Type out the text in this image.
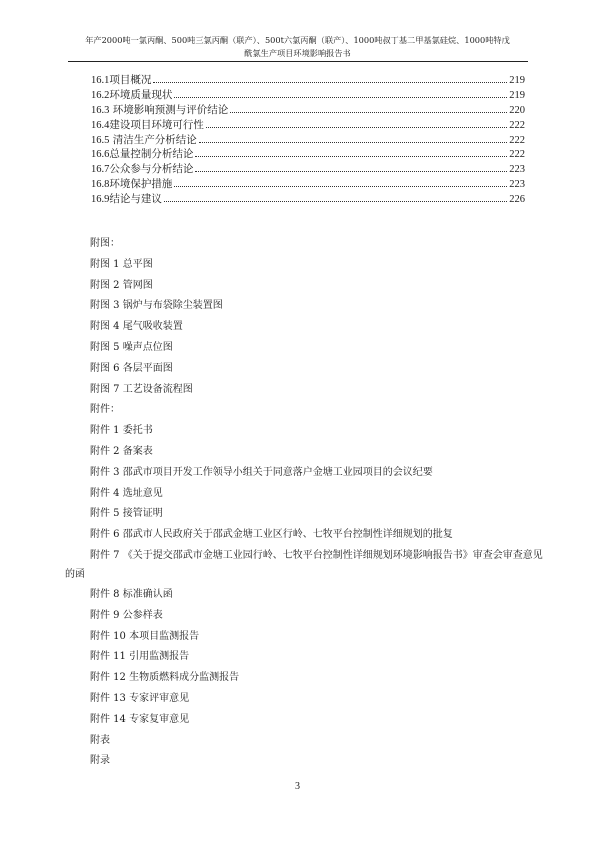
年产2000吨一氯丙酮、500吨三氯丙酮（联产）、500t六氯丙酮（联产）、1000吨叔丁基二甲基氯硅烷、1000吨特戊
酰氯生产项目环境影响报告书
16.1 项目概况	219
16.2 环境质量现状	219
16.3 环境影响预测与评价结论	220
16.4 建设项目环境可行性	222
16.5 清洁生产分析结论	222
16.6 总量控制分析结论	222
16.7 公众参与分析结论	223
16.8 环境保护措施	223
16.9 结论与建议	226
附图：
附图 1 总平图
附图 2 管网图
附图 3 锅炉与布袋除尘装置图
附图 4 尾气吸收装置
附图 5 噪声点位图
附图 6 各层平面图
附图 7 工艺设备流程图
附件：
附件 1 委托书
附件 2 备案表
附件 3 邵武市项目开发工作领导小组关于同意落户金塘工业园项目的会议纪要
附件 4 选址意见
附件 5 接管证明
附件 6 邵武市人民政府关于邵武金塘工业区行岭、七牧平台控制性详细规划的批复
附件 7 《关于提交邵武市金塘工业园行岭、七牧平台控制性详细规划环境影响报告书》审查会审查意见的函
附件 8 标准确认函
附件 9 公参样表
附件 10 本项目监测报告
附件 11 引用监测报告
附件 12 生物质燃料成分监测报告
附件 13 专家评审意见
附件 14 专家复审意见
附表
附录
3
